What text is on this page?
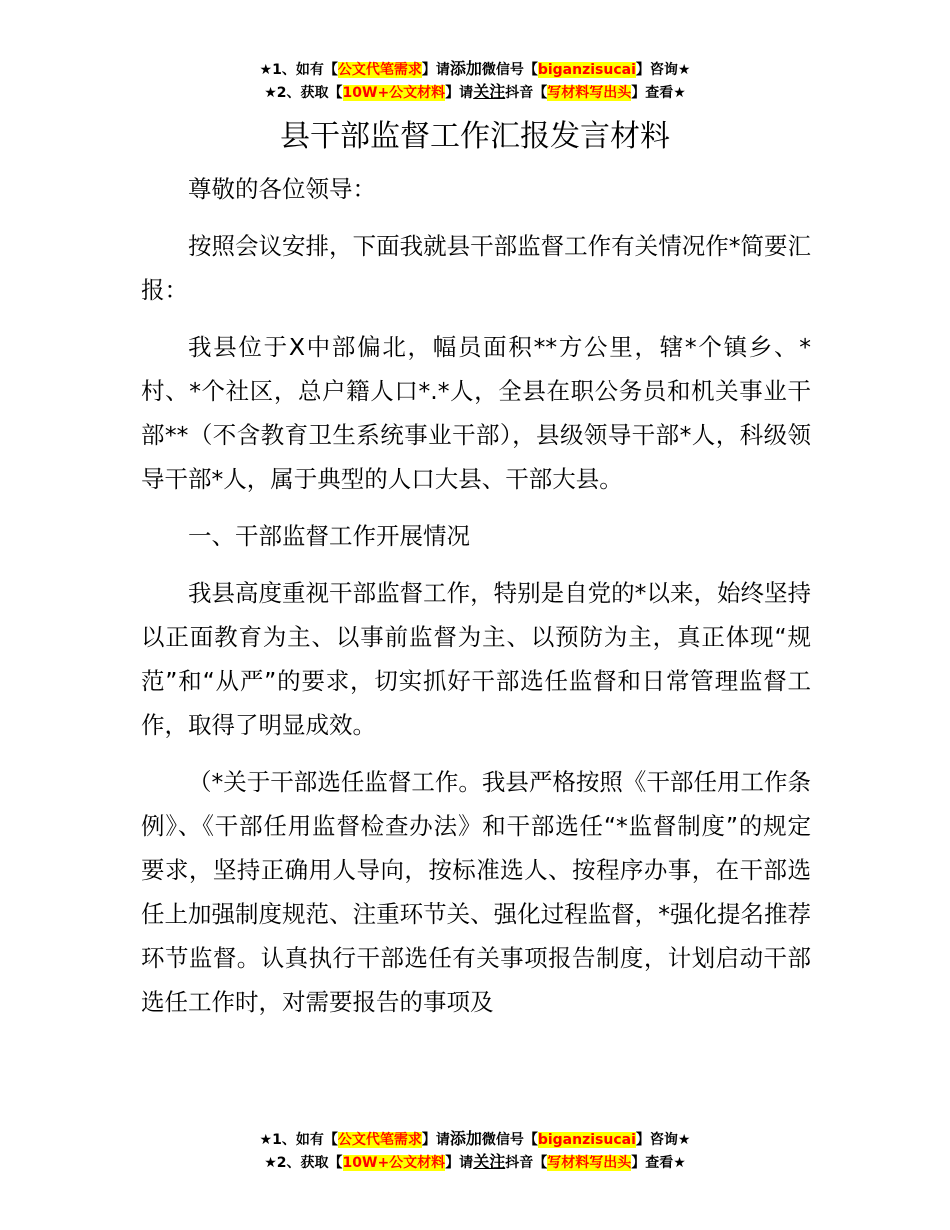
★1、如有【公文代笔需求】请添加微信号【biganzisucai】咨询★
★2、获取【10W+公文材料】请关注抖音【写材料写出头】查看★
县干部监督工作汇报发言材料

尊敬的各位领导：

按照会议安排，下面我就县干部监督工作有关情况作*简要汇报：

我县位于X中部偏北，幅员面积**方公里，辖*个镇乡、*村、*个社区，总户籍人口*.*人，全县在职公务员和机关事业干部**（不含教育卫生系统事业干部），县级领导干部*人，科级领导干部*人，属于典型的人口大县、干部大县。

一、干部监督工作开展情况

我县高度重视干部监督工作，特别是自党的*以来，始终坚持以正面教育为主、以事前监督为主、以预防为主，真正体现“规范”和“从严”的要求，切实抓好干部选任监督和日常管理监督工作，取得了明显成效。

（*关于干部选任监督工作。我县严格按照《干部任用工作条例》、《干部任用监督检查办法》和干部选任“*监督制度”的规定要求，坚持正确用人导向，按标准选人、按程序办事，在干部选任上加强制度规范、注重环节关、强化过程监督，*强化提名推荐环节监督。认真执行干部选任有关事项报告制度，计划启动干部选任工作时，对需要报告的事项及

★1、如有【公文代笔需求】请添加微信号【biganzisucai】咨询★
★2、获取【10W+公文材料】请关注抖音【写材料写出头】查看★
